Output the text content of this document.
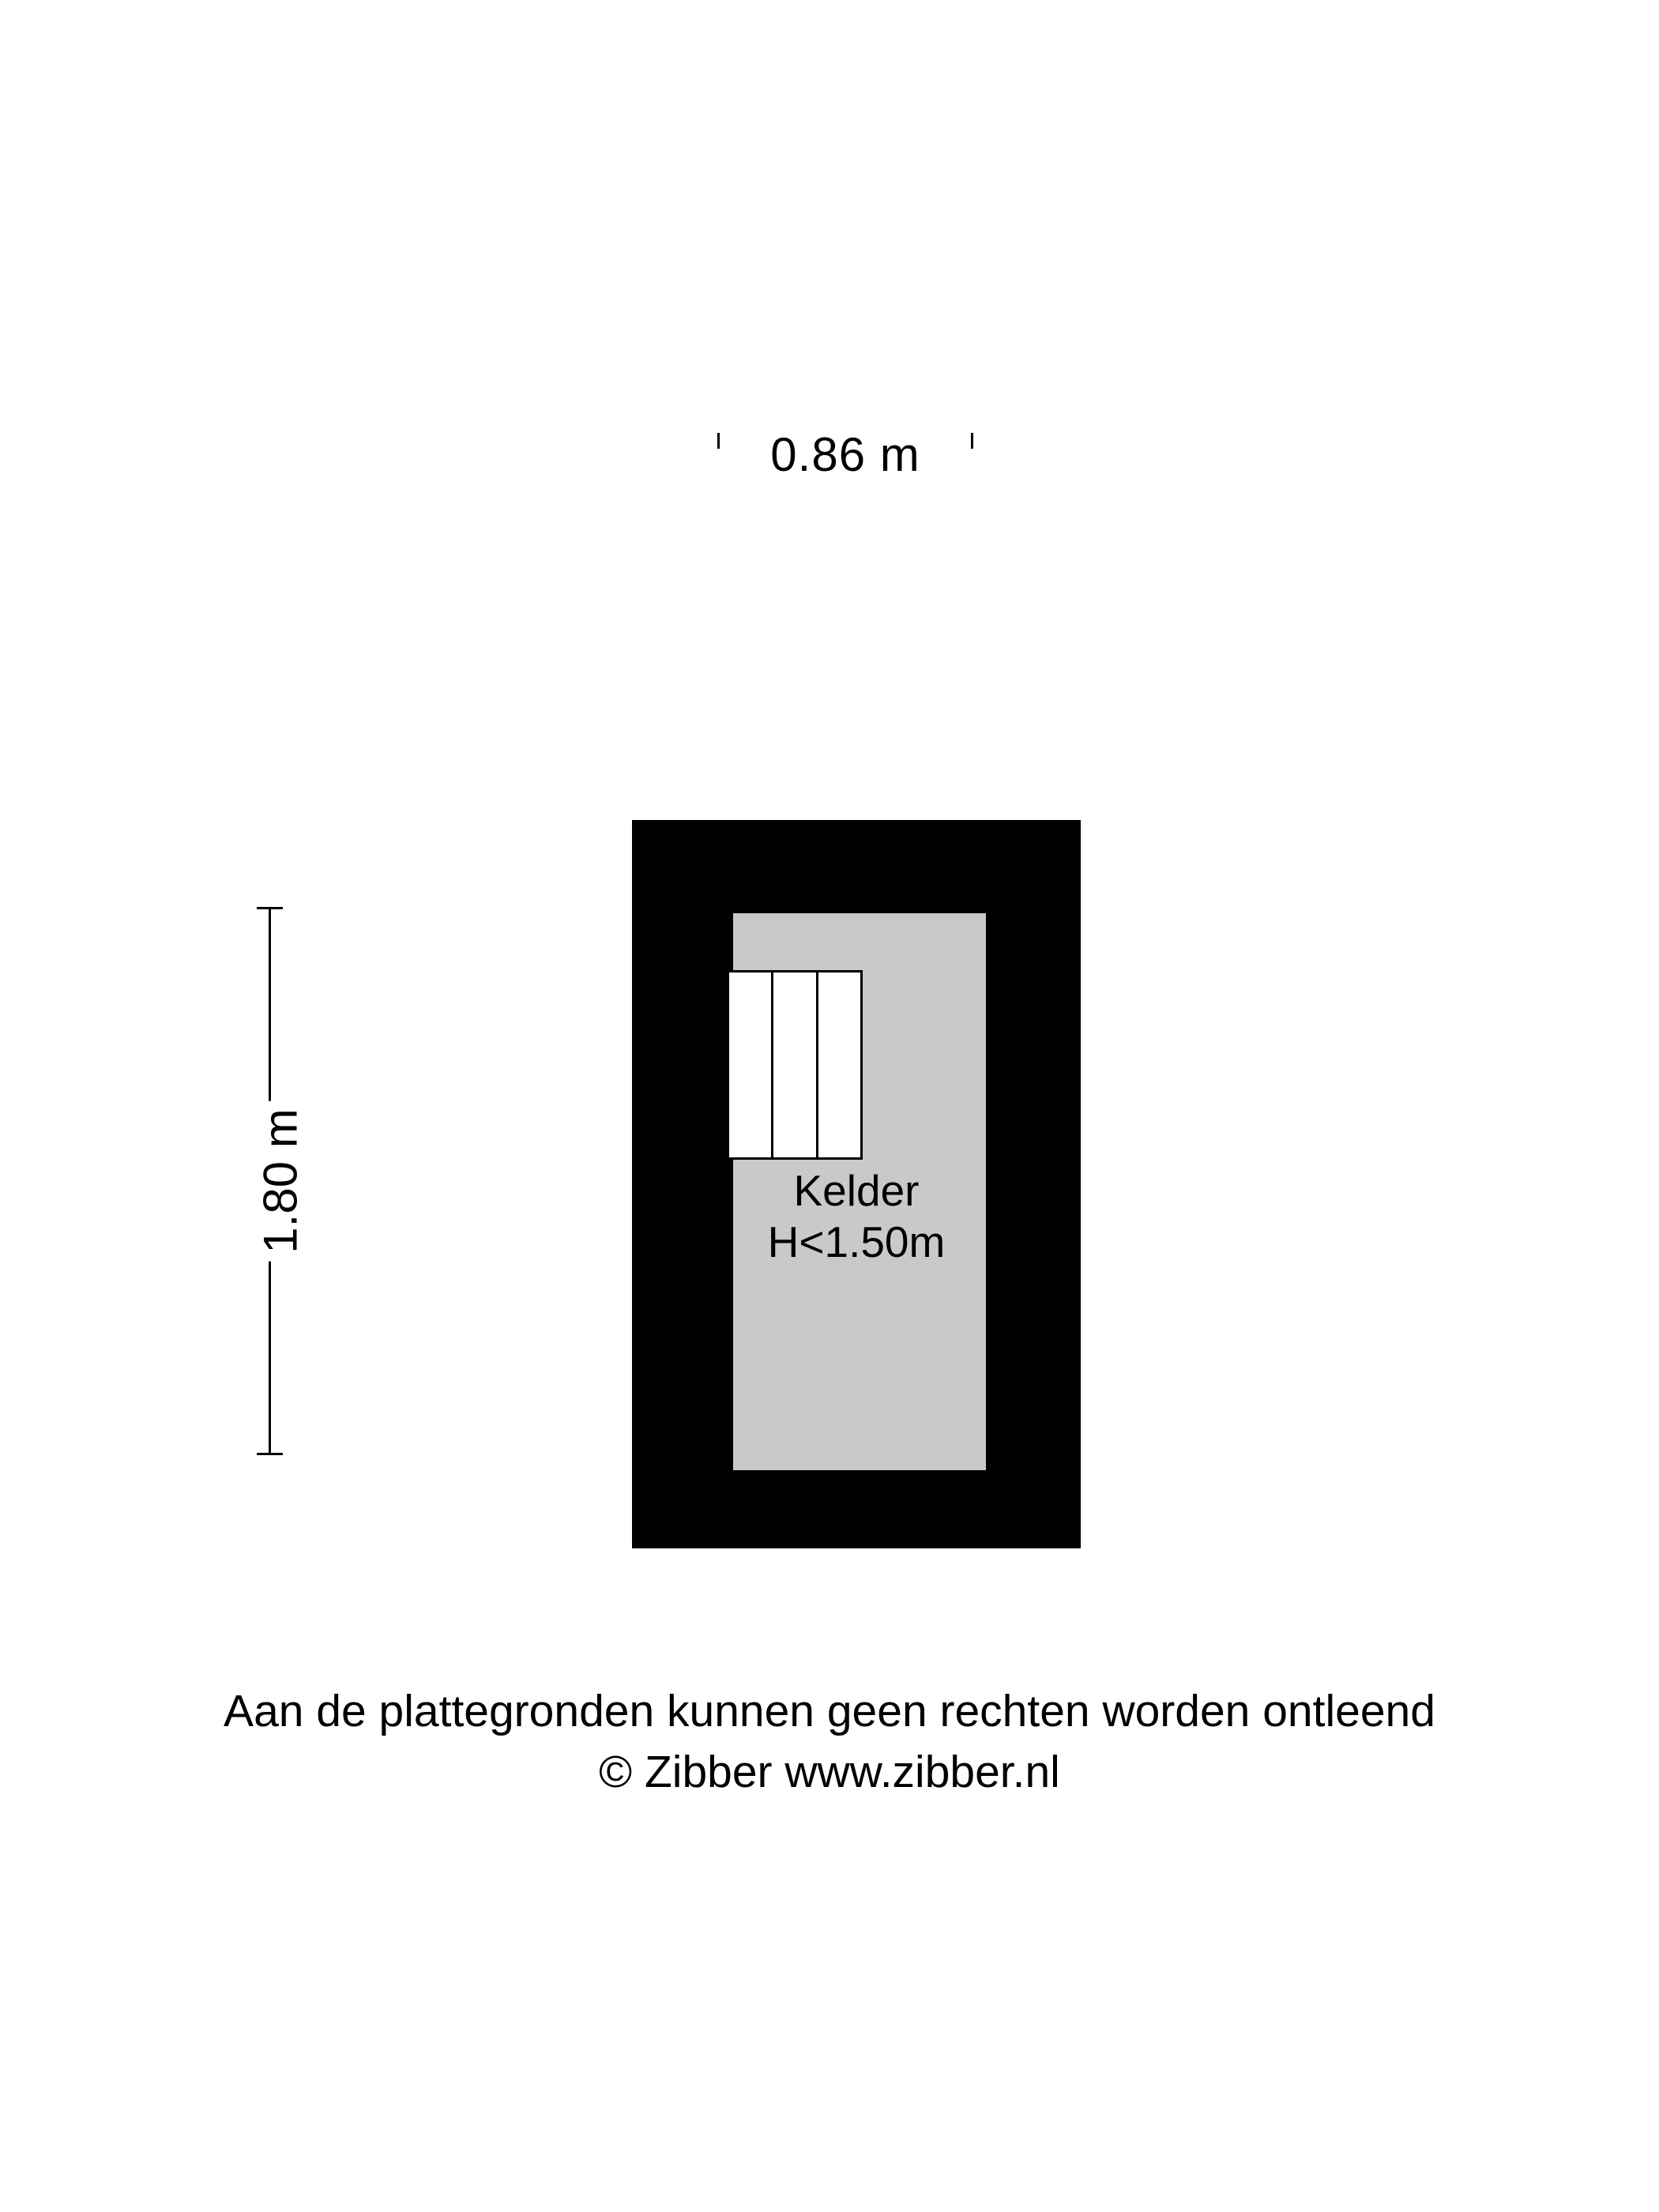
0.86 m
1.80 m	Kelder
H<1.50m
Aan de plattegronden kunnen geen rechten worden ontleend
© Zibber www.zibber.nl
